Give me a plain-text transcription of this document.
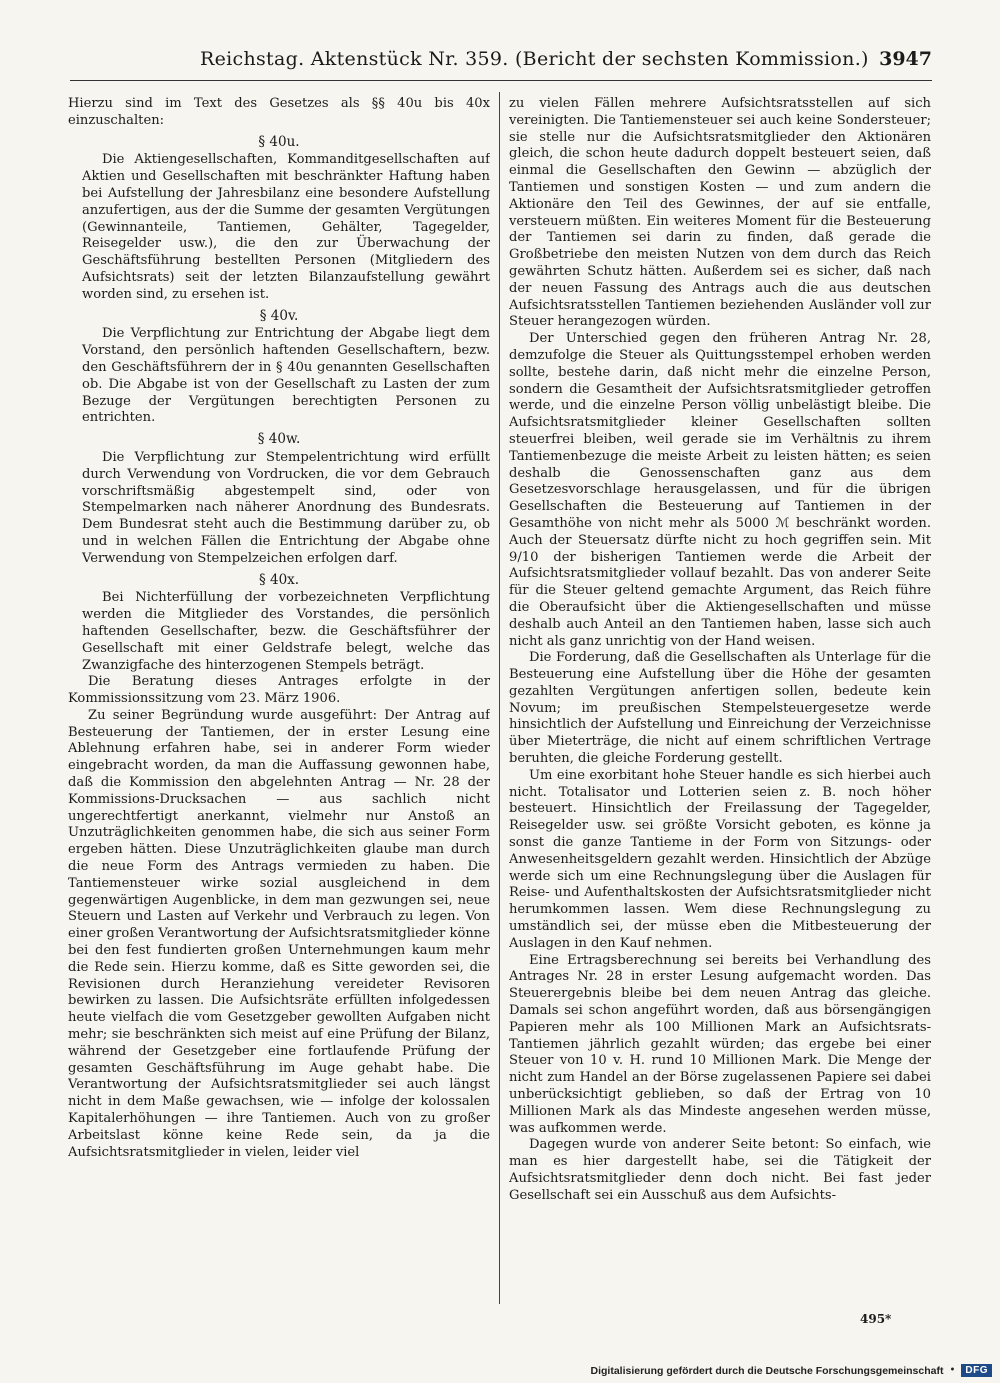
Reichstag. Aktenstück Nr. 359. (Bericht der sechsten Kommission.) 3947

Hierzu sind im Text des Gesetzes als §§ 40u bis 40x einzuschalten:

§ 40u.

Die Aktiengesellschaften, Kommanditgesellschaften auf Aktien und Gesellschaften mit beschränkter Haftung haben bei Aufstellung der Jahresbilanz eine besondere Aufstellung anzufertigen, aus der die Summe der gesamten Vergütungen (Gewinnanteile, Tantiemen, Gehälter, Tagegelder, Reisegelder usw.), die den zur Überwachung der Geschäftsführung bestellten Personen (Mitgliedern des Aufsichtsrats) seit der letzten Bilanzaufstellung gewährt worden sind, zu ersehen ist.

§ 40v.

Die Verpflichtung zur Entrichtung der Abgabe liegt dem Vorstand, den persönlich haftenden Gesellschaftern, bezw. den Geschäftsführern der in § 40u genannten Gesellschaften ob. Die Abgabe ist von der Gesellschaft zu Lasten der zum Bezuge der Vergütungen berechtigten Personen zu entrichten.

§ 40w.

Die Verpflichtung zur Stempelentrichtung wird erfüllt durch Verwendung von Vordrucken, die vor dem Gebrauch vorschriftsmäßig abgestempelt sind, oder von Stempelmarken nach näherer Anordnung des Bundesrats. Dem Bundesrat steht auch die Bestimmung darüber zu, ob und in welchen Fällen die Entrichtung der Abgabe ohne Verwendung von Stempelzeichen erfolgen darf.

§ 40x.

Bei Nichterfüllung der vorbezeichneten Verpflichtung werden die Mitglieder des Vorstandes, die persönlich haftenden Gesellschafter, bezw. die Geschäftsführer der Gesellschaft mit einer Geldstrafe belegt, welche das Zwanzigfache des hinterzogenen Stempels beträgt.

Die Beratung dieses Antrages erfolgte in der Kommissionssitzung vom 23. März 1906.

Zu seiner Begründung wurde ausgeführt: Der Antrag auf Besteuerung der Tantiemen, der in erster Lesung eine Ablehnung erfahren habe, sei in anderer Form wieder eingebracht worden, da man die Auffassung gewonnen habe, daß die Kommission den abgelehnten Antrag — Nr. 28 der Kommissions-Drucksachen — aus sachlich nicht ungerechtfertigt anerkannt, vielmehr nur Anstoß an Unzuträglichkeiten genommen habe, die sich aus seiner Form ergeben hätten. Diese Unzuträglichkeiten glaube man durch die neue Form des Antrags vermieden zu haben. Die Tantiemensteuer wirke sozial ausgleichend in dem gegenwärtigen Augenblicke, in dem man gezwungen sei, neue Steuern und Lasten auf Verkehr und Verbrauch zu legen. Von einer großen Verantwortung der Aufsichtsratsmitglieder könne bei den fest fundierten großen Unternehmungen kaum mehr die Rede sein. Hierzu komme, daß es Sitte geworden sei, die Revisionen durch Heranziehung vereideter Revisoren bewirken zu lassen. Die Aufsichtsräte erfüllten infolgedessen heute vielfach die vom Gesetzgeber gewollten Aufgaben nicht mehr; sie beschränkten sich meist auf eine Prüfung der Bilanz, während der Gesetzgeber eine fortlaufende Prüfung der gesamten Geschäftsführung im Auge gehabt habe. Die Verantwortung der Aufsichtsratsmitglieder sei auch längst nicht in dem Maße gewachsen, wie — infolge der kolossalen Kapitalerhöhungen — ihre Tantiemen. Auch von zu großer Arbeitslast könne keine Rede sein, da ja die Aufsichtsratsmitglieder in vielen, leider viel

zu vielen Fällen mehrere Aufsichtsratsstellen auf sich vereinigten. Die Tantiemensteuer sei auch keine Sondersteuer; sie stelle nur die Aufsichtsratsmitglieder den Aktionären gleich, die schon heute dadurch doppelt besteuert seien, daß einmal die Gesellschaften den Gewinn — abzüglich der Tantiemen und sonstigen Kosten — und zum andern die Aktionäre den Teil des Gewinnes, der auf sie entfalle, versteuern müßten. Ein weiteres Moment für die Besteuerung der Tantiemen sei darin zu finden, daß gerade die Großbetriebe den meisten Nutzen von dem durch das Reich gewährten Schutz hätten. Außerdem sei es sicher, daß nach der neuen Fassung des Antrags auch die aus deutschen Aufsichtsratsstellen Tantiemen beziehenden Ausländer voll zur Steuer herangezogen würden.

Der Unterschied gegen den früheren Antrag Nr. 28, demzufolge die Steuer als Quittungsstempel erhoben werden sollte, bestehe darin, daß nicht mehr die einzelne Person, sondern die Gesamtheit der Aufsichtsratsmitglieder getroffen werde, und die einzelne Person völlig unbelästigt bleibe. Die Aufsichtsratsmitglieder kleiner Gesellschaften sollten steuerfrei bleiben, weil gerade sie im Verhältnis zu ihrem Tantiemenbezuge die meiste Arbeit zu leisten hätten; es seien deshalb die Genossenschaften ganz aus dem Gesetzesvorschlage herausgelassen, und für die übrigen Gesellschaften die Besteuerung auf Tantiemen in der Gesamthöhe von nicht mehr als 5000 ℳ beschränkt worden. Auch der Steuersatz dürfte nicht zu hoch gegriffen sein. Mit 9/10 der bisherigen Tantiemen werde die Arbeit der Aufsichtsratsmitglieder vollauf bezahlt. Das von anderer Seite für die Steuer geltend gemachte Argument, das Reich führe die Oberaufsicht über die Aktiengesellschaften und müsse deshalb auch Anteil an den Tantiemen haben, lasse sich auch nicht als ganz unrichtig von der Hand weisen.

Die Forderung, daß die Gesellschaften als Unterlage für die Besteuerung eine Aufstellung über die Höhe der gesamten gezahlten Vergütungen anfertigen sollen, bedeute kein Novum; im preußischen Stempelsteuergesetze werde hinsichtlich der Aufstellung und Einreichung der Verzeichnisse über Mieterträge, die nicht auf einem schriftlichen Vertrage beruhten, die gleiche Forderung gestellt.

Um eine exorbitant hohe Steuer handle es sich hierbei auch nicht. Totalisator und Lotterien seien z. B. noch höher besteuert. Hinsichtlich der Freilassung der Tagegelder, Reisegelder usw. sei größte Vorsicht geboten, es könne ja sonst die ganze Tantieme in der Form von Sitzungs- oder Anwesenheitsgeldern gezahlt werden. Hinsichtlich der Abzüge werde sich um eine Rechnungslegung über die Auslagen für Reise- und Aufenthaltskosten der Aufsichtsratsmitglieder nicht herumkommen lassen. Wem diese Rechnungslegung zu umständlich sei, der müsse eben die Mitbesteuerung der Auslagen in den Kauf nehmen.

Eine Ertragsberechnung sei bereits bei Verhandlung des Antrages Nr. 28 in erster Lesung aufgemacht worden. Das Steuerergebnis bleibe bei dem neuen Antrag das gleiche. Damals sei schon angeführt worden, daß aus börsengängigen Papieren mehr als 100 Millionen Mark an Aufsichtsrats-Tantiemen jährlich gezahlt würden; das ergebe bei einer Steuer von 10 v. H. rund 10 Millionen Mark. Die Menge der nicht zum Handel an der Börse zugelassenen Papiere sei dabei unberücksichtigt geblieben, so daß der Ertrag von 10 Millionen Mark als das Mindeste angesehen werden müsse, was aufkommen werde.

Dagegen wurde von anderer Seite betont: So einfach, wie man es hier dargestellt habe, sei die Tätigkeit der Aufsichtsratsmitglieder denn doch nicht. Bei fast jeder Gesellschaft sei ein Ausschuß aus dem Aufsichts-

495*
Digitalisierung gefördert durch die Deutsche Forschungsgemeinschaft •	DFG
